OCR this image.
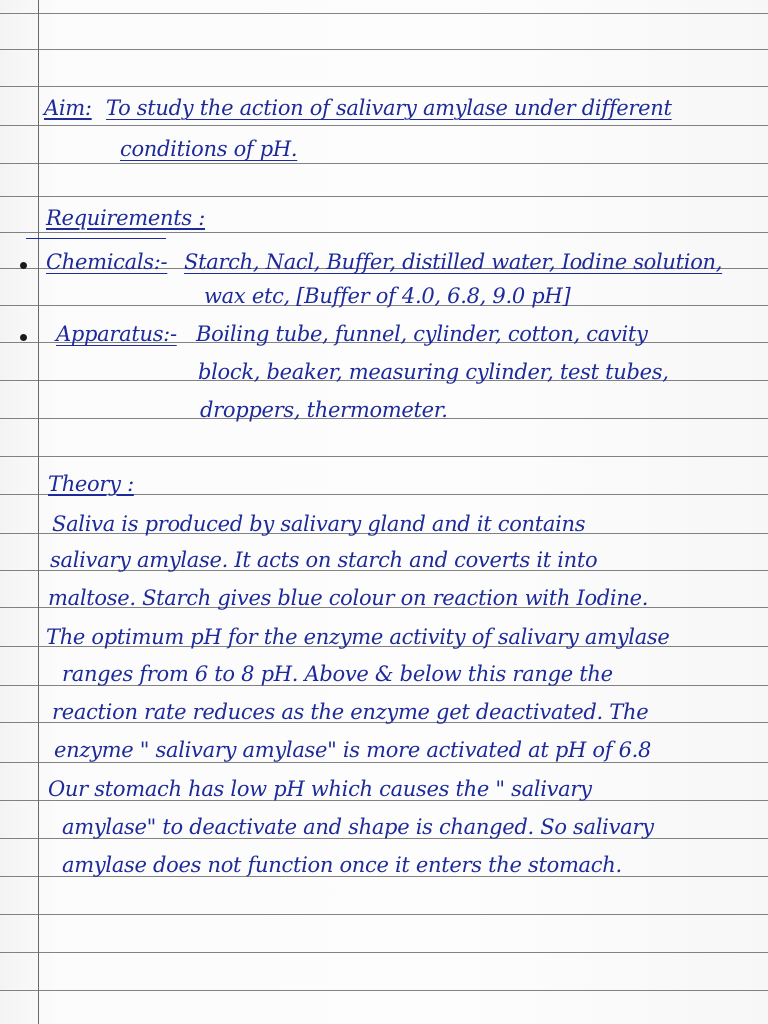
Aim: To study the action of salivary amylase under different
conditions of pH.
Requirements :
Chemicals:- Starch, Nacl, Buffer, distilled water, Iodine solution,
wax etc, [Buffer of 4.0, 6.8, 9.0 pH]
Apparatus:- Boiling tube, funnel, cylinder, cotton, cavity
block, beaker, measuring cylinder, test tubes,
droppers, thermometer.
Theory :
Saliva is produced by salivary gland and it contains
salivary amylase. It acts on starch and coverts it into
maltose. Starch gives blue colour on reaction with Iodine.
The optimum pH for the enzyme activity of salivary amylase
ranges from 6 to 8 pH. Above & below this range the
reaction rate reduces as the enzyme get deactivated. The
enzyme " salivary amylase" is more activated at pH of 6.8
Our stomach has low pH which causes the " salivary
amylase" to deactivate and shape is changed. So salivary
amylase does not function once it enters the stomach.
